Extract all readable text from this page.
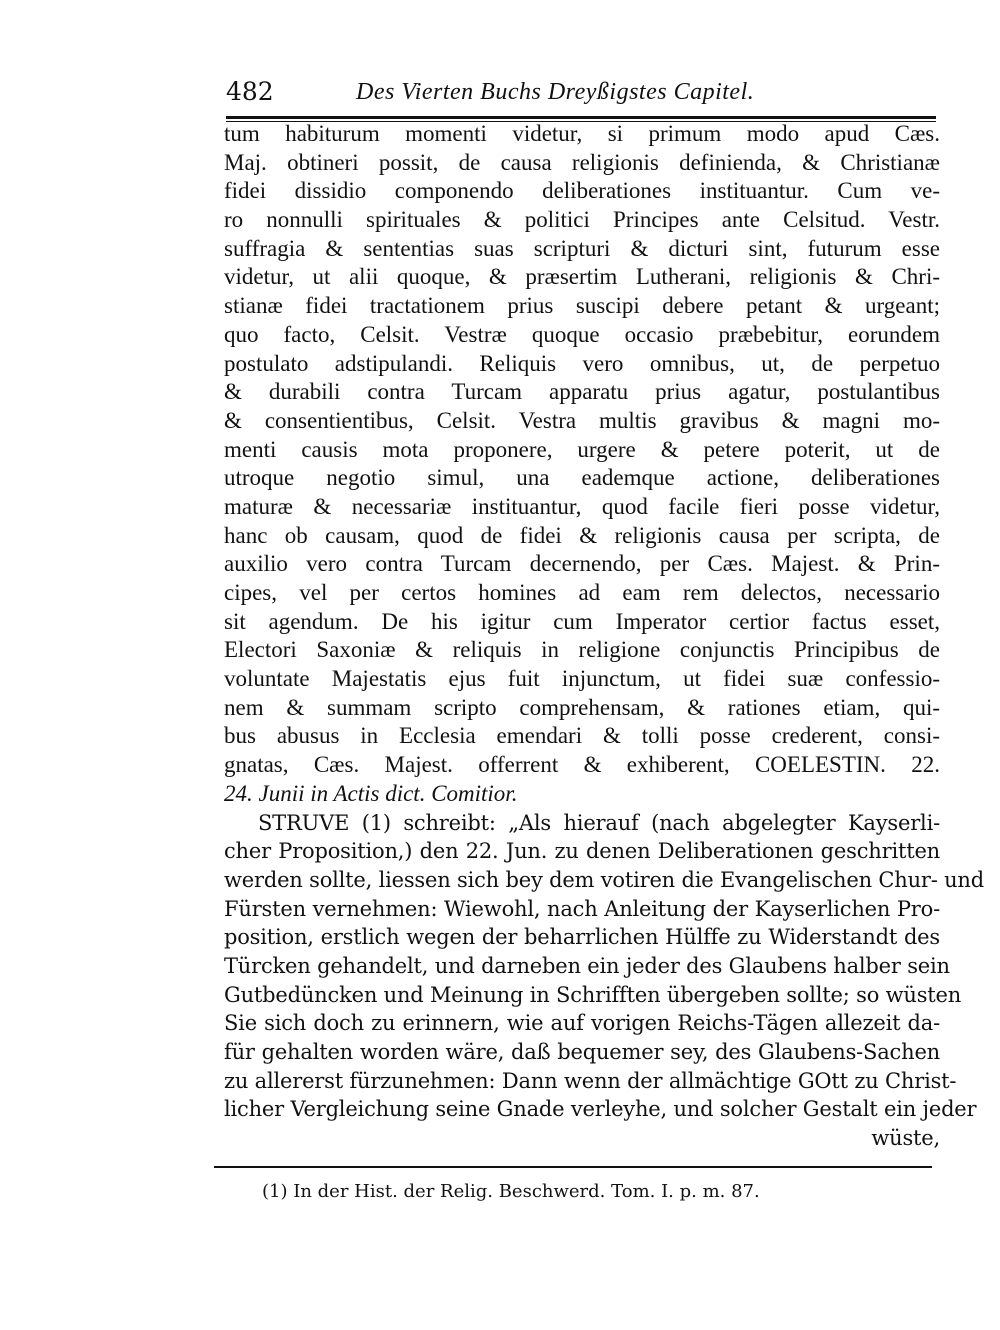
482	Des Vierten Buchs Dreyßigstes Capitel.
tum habiturum momenti videtur, si primum modo apud Cæs.
Maj. obtineri possit, de causa religionis definienda, & Christianæ
fidei dissidio componendo deliberationes instituantur. Cum ve-
ro nonnulli spirituales & politici Principes ante Celsitud. Vestr.
suffragia & sententias suas scripturi & dicturi sint, futurum esse
videtur, ut alii quoque, & præsertim Lutherani, religionis & Chri-
stianæ fidei tractationem prius suscipi debere petant & urgeant;
quo facto, Celsit. Vestræ quoque occasio præbebitur, eorundem
postulato adstipulandi. Reliquis vero omnibus, ut, de perpetuo
& durabili contra Turcam apparatu prius agatur, postulantibus
& consentientibus, Celsit. Vestra multis gravibus & magni mo-
menti causis mota proponere, urgere & petere poterit, ut de
utroque negotio simul, una eademque actione, deliberationes
maturæ & necessariæ instituantur, quod facile fieri posse videtur,
hanc ob causam, quod de fidei & religionis causa per scripta, de
auxilio vero contra Turcam decernendo, per Cæs. Majest. & Prin-
cipes, vel per certos homines ad eam rem delectos, necessario
sit agendum. De his igitur cum Imperator certior factus esset,
Electori Saxoniæ & reliquis in religione conjunctis Principibus de
voluntate Majestatis ejus fuit injunctum, ut fidei suæ confessio-
nem & summam scripto comprehensam, & rationes etiam, qui-
bus abusus in Ecclesia emendari & tolli posse crederent, consi-
gnatas, Cæs. Majest. offerrent & exhiberent, COELESTIN. 22.
24. Junii in Actis dict. Comitior.
STRUVE (1) schreibt: „Als hierauf (nach abgelegter Kayserli-
cher Proposition,) den 22. Jun. zu denen Deliberationen geschritten
werden sollte, liessen sich bey dem votiren die Evangelischen Chur- und
Fürsten vernehmen: Wiewohl, nach Anleitung der Kayserlichen Pro-
position, erstlich wegen der beharrlichen Hülffe zu Widerstandt des
Türcken gehandelt, und darneben ein jeder des Glaubens halber sein
Gutbedüncken und Meinung in Schrifften übergeben sollte; so wüsten
Sie sich doch zu erinnern, wie auf vorigen Reichs-Tägen allezeit da-
für gehalten worden wäre, daß bequemer sey, des Glaubens-Sachen
zu allererst fürzunehmen: Dann wenn der allmächtige GOtt zu Christ-
licher Vergleichung seine Gnade verleyhe, und solcher Gestalt ein jeder
wüste,
(1) In der Hist. der Relig. Beschwerd. Tom. I. p. m. 87.
